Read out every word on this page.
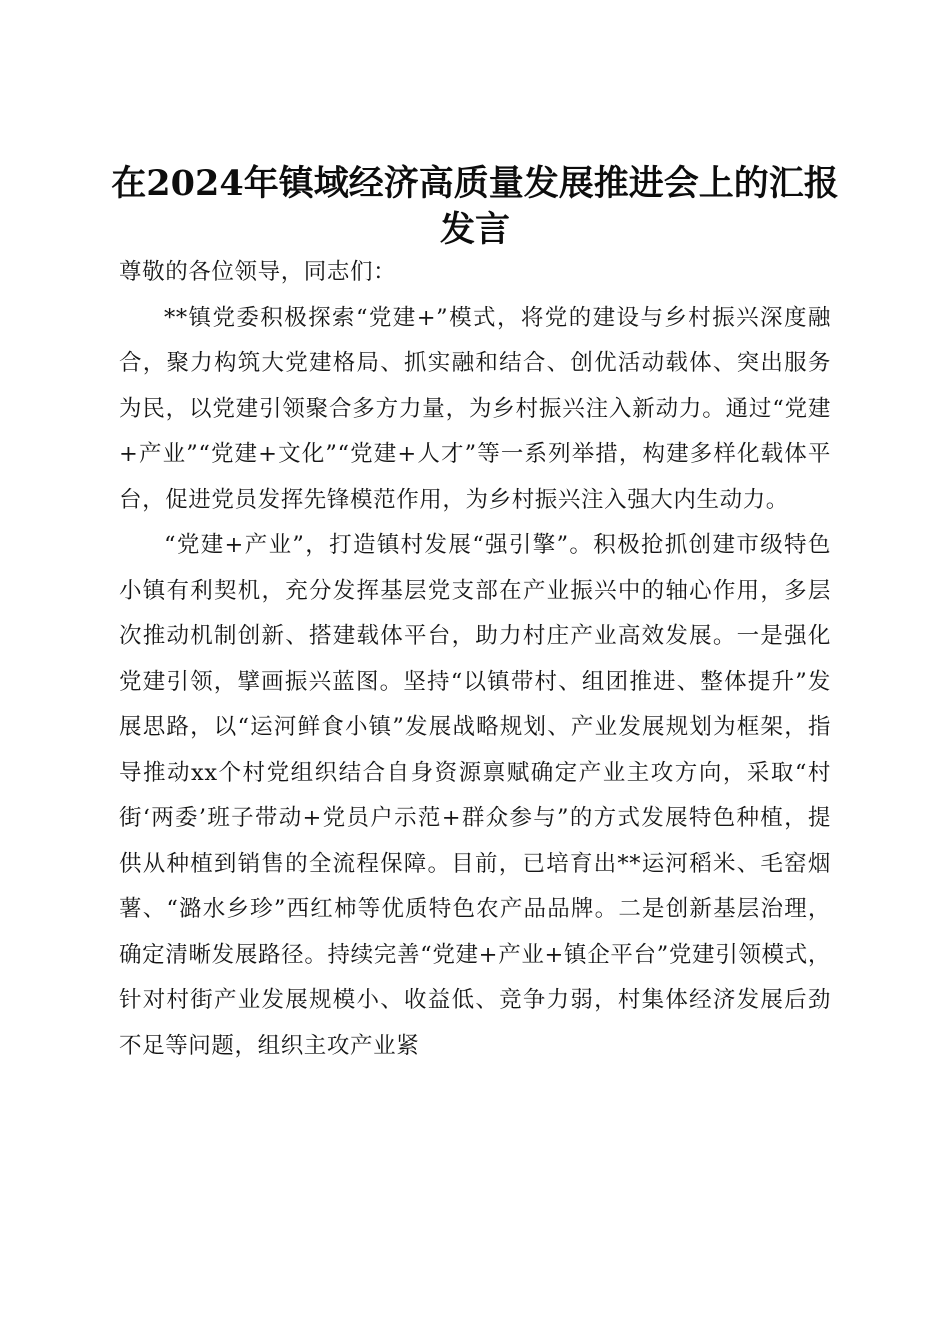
在2024年镇域经济高质量发展推进会上的汇报发言

尊敬的各位领导，同志们：

**镇党委积极探索“党建+”模式，将党的建设与乡村振兴深度融合，聚力构筑大党建格局、抓实融和结合、创优活动载体、突出服务为民，以党建引领聚合多方力量，为乡村振兴注入新动力。通过“党建+产业”“党建+文化”“党建+人才”等一系列举措，构建多样化载体平台，促进党员发挥先锋模范作用，为乡村振兴注入强大内生动力。

“党建+产业”，打造镇村发展“强引擎”。积极抢抓创建市级特色小镇有利契机，充分发挥基层党支部在产业振兴中的轴心作用，多层次推动机制创新、搭建载体平台，助力村庄产业高效发展。一是强化党建引领，擘画振兴蓝图。坚持“以镇带村、组团推进、整体提升”发展思路，以“运河鲜食小镇”发展战略规划、产业发展规划为框架，指导推动xx个村党组织结合自身资源禀赋确定产业主攻方向，采取“村街‘两委’班子带动+党员户示范+群众参与”的方式发展特色种植，提供从种植到销售的全流程保障。目前，已培育出**运河稻米、毛窑烟薯、“潞水乡珍”西红柿等优质特色农产品品牌。二是创新基层治理，确定清晰发展路径。持续完善“党建+产业+镇企平台”党建引领模式，针对村街产业发展规模小、收益低、竞争力弱，村集体经济发展后劲不足等问题，组织主攻产业紧
